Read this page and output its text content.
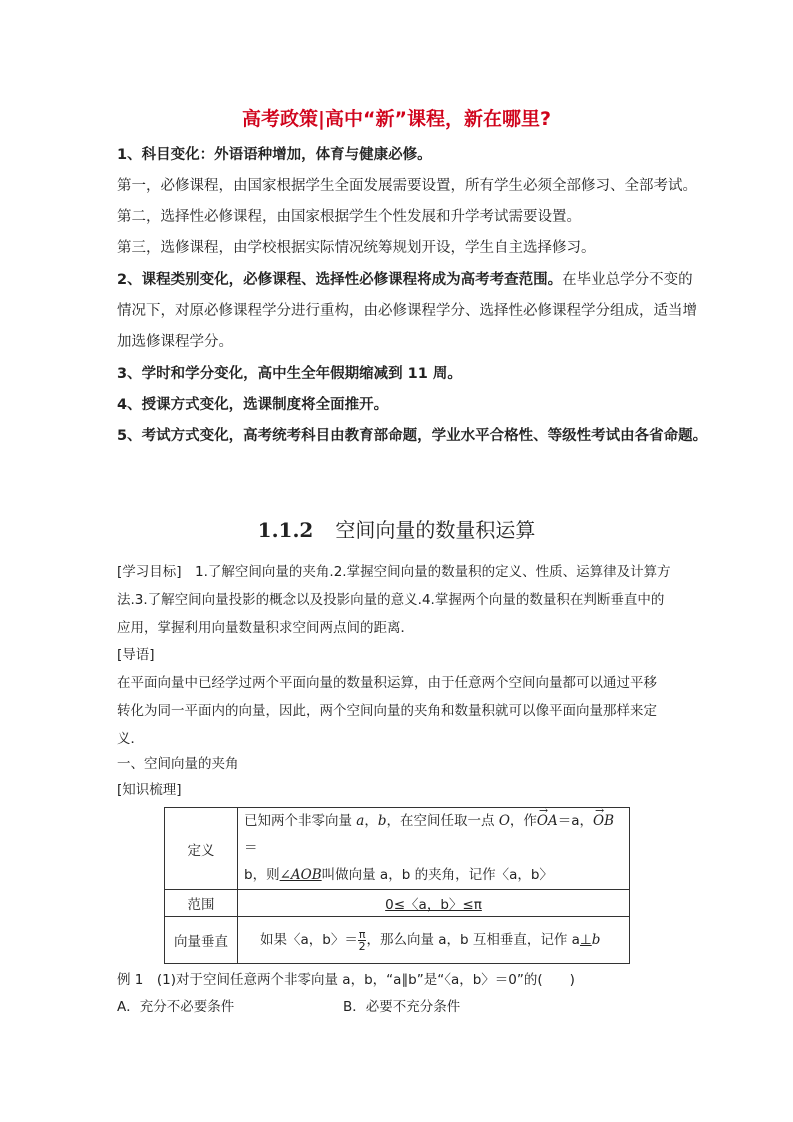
高考政策|高中“新”课程，新在哪里?
1、科目变化：外语语种增加，体育与健康必修。
第一，必修课程，由国家根据学生全面发展需要设置，所有学生必须全部修习、全部考试。
第二，选择性必修课程，由国家根据学生个性发展和升学考试需要设置。
第三，选修课程，由学校根据实际情况统筹规划开设，学生自主选择修习。
2、课程类别变化，必修课程、选择性必修课程将成为高考考查范围。在毕业总学分不变的
情况下，对原必修课程学分进行重构，由必修课程学分、选择性必修课程学分组成，适当增
加选修课程学分。
3、学时和学分变化，高中生全年假期缩减到 11 周。
4、授课方式变化，选课制度将全面推开。
5、考试方式变化，高考统考科目由教育部命题，学业水平合格性、等级性考试由各省命题。
1.1.2 空间向量的数量积运算
[学习目标]　 1.了解空间向量的夹角.2.掌握空间向量的数量积的定义、性质、运算律及计算方
法.3.了解空间向量投影的概念以及投影向量的意义.4.掌握两个向量的数量积在判断垂直中的
应用，掌握利用向量数量积求空间两点间的距离．
[导语]
在平面向量中已经学过两个平面向量的数量积运算，由于任意两个空间向量都可以通过平移
转化为同一平面内的向量，因此，两个空间向量的夹角和数量积就可以像平面向量那样来定
义．
一、空间向量的夹角
[知识梳理]
定义	已知两个非零向量 a，b，在空间任取一点 O，作→ OA＝a，→ OB＝
b，则∠AOB叫做向量 a，b 的夹角，记作〈a，b〉

范围	0≤〈a，b〉≤π
向量垂直	如果〈a，b〉＝ $\frac{\pi}{2}$ ，那么向量 a，b 互相垂直，记作 a⊥b
例 1　(1)对于空间任意两个非零向量 a，b，“a∥b”是“〈a，b〉＝0”的(　　)
A．充分不必要条件	B．必要不充分条件
